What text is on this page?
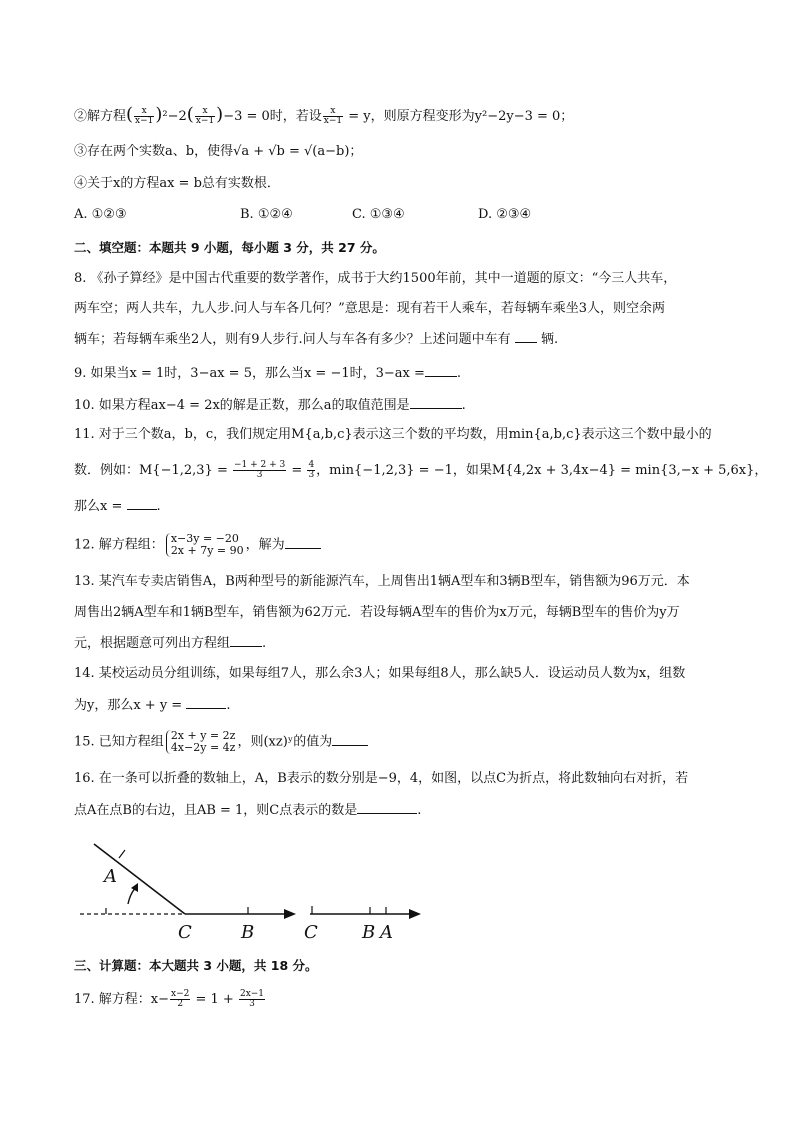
②解方程( $\frac{x}{x-1} )^2-2( \frac{x}{x-1} )-3 = 0$时，若设 $\frac{x}{x-1} = y$，则原方程变形为y²−2y−3 = 0；
③存在两个实数a、b，使得√a + √b = √(a−b)；
④关于x的方程ax = b总有实数根．
A. ①②③	B. ①②④	C. ①③④	D. ②③④
二、填空题：本题共 9 小题，每小题 3 分，共 27 分。
8. 《孙子算经》是中国古代重要的数学著作，成书于大约1500年前，其中一道题的原文：“今三人共车，
两车空；两人共车，九人步.问人与车各几何？”意思是：现有若干人乘车，若每辆车乘坐3人，则空余两
辆车；若每辆车乘坐2人，则有9人步行.问人与车各有多少？上述问题中车有 辆.
9. 如果当x = 1时，3−ax = 5，那么当x = −1时，3−ax = .
10. 如果方程ax−4 = 2x的解是正数，那么a的取值范围是	.
11. 对于三个数a，b，c，我们规定用M{a,b,c}表示这三个数的平均数，用min{a,b,c}表示这三个数中最小的
数．例如：$M\{-1,2,3\} = \frac{-1 + 2 + 3}{3} = \frac{4}{3}$ ，min{−1,2,3} = −1，如果M{4,2x + 3,4x−4} = min{3,−x + 5,6x}，
那么x =	.
12. 解方程组： x−3y = −20
2x + 7y = 90 ，解为
13. 某汽车专卖店销售A，B两种型号的新能源汽车，上周售出1辆A型车和3辆B型车，销售额为96万元．本
周售出2辆A型车和1辆B型车，销售额为62万元．若设每辆A型车的售价为x万元，每辆B型车的售价为y万
元，根据题意可列出方程组 .
14. 某校运动员分组训练，如果每组7人，那么余3人；如果每组8人，那么缺5人．设运动员人数为x，组数
为y，那么x + y =	.
15. 已知方程组 2x + y = 2z
4x−2y = 4z ，则(xz)ʸ的值为
16. 在一条可以折叠的数轴上，A，B表示的数分别是−9，4，如图，以点C为折点，将此数轴向右对折，若
点A在点B的右边，且AB = 1，则C点表示的数是	.
A
C	B	C B A
三、计算题：本大题共 3 小题，共 18 分。
17. 解方程：$x- \frac{x-2}{2} = 1 + \frac{2x-1}{3}$
